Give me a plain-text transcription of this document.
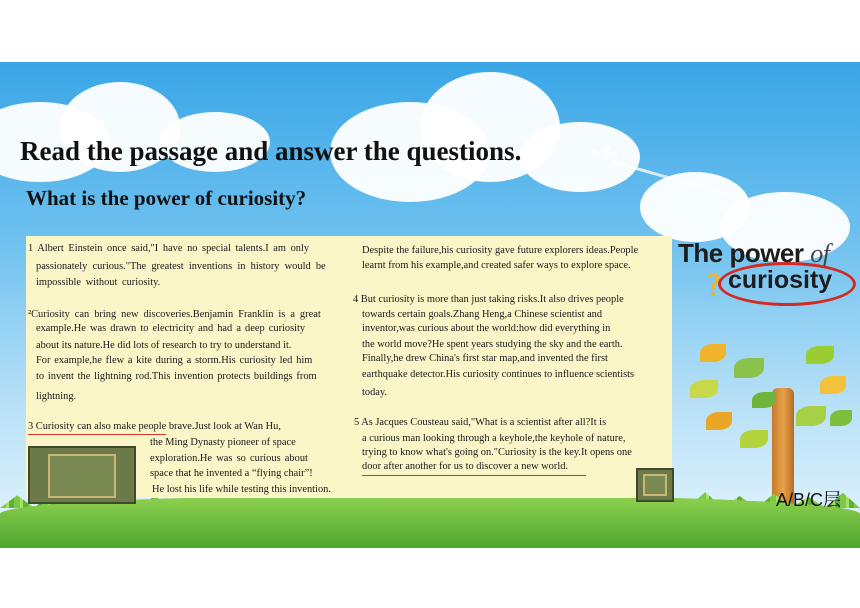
Read the passage and answer the questions.
What is the power of curiosity?
The power of
curiosity
1 Albert Einstein once said,"I have no special talents.I am only
passionately curious."The greatest inventions in history would be
impossible without curiosity.
²Curiosity can bring new discoveries.Benjamin Franklin is a great
example.He was drawn to electricity and had a deep curiosity
about its nature.He did lots of research to try to understand it.
For example,he flew a kite during a storm.His curiosity led him
to invent the lightning rod.This invention protects buildings from
lightning.
3 Curiosity can also make people brave.Just look at Wan Hu,
the Ming Dynasty pioneer of space
exploration.He was so curious about
space that he invented a “flying chair”!
He lost his life while testing this invention.
Despite the failure,his curiosity gave future explorers ideas.People
learnt from his example,and created safer ways to explore space.
4 But curiosity is more than just taking risks.It also drives people
towards certain goals.Zhang Heng,a Chinese scientist and
inventor,was curious about the world:how did everything in
the world move?He spent years studying the sky and the earth.
Finally,he drew China's first star map,and invented the first
earthquake detector.His curiosity continues to influence scientists
today.
5 As Jacques Cousteau said,"What is a scientist after all?It is
a curious man looking through a keyhole,the keyhole of nature,
trying to know what's going on."Curiosity is the key.It opens one
door after another for us to discover a new world.
A/B/C层
